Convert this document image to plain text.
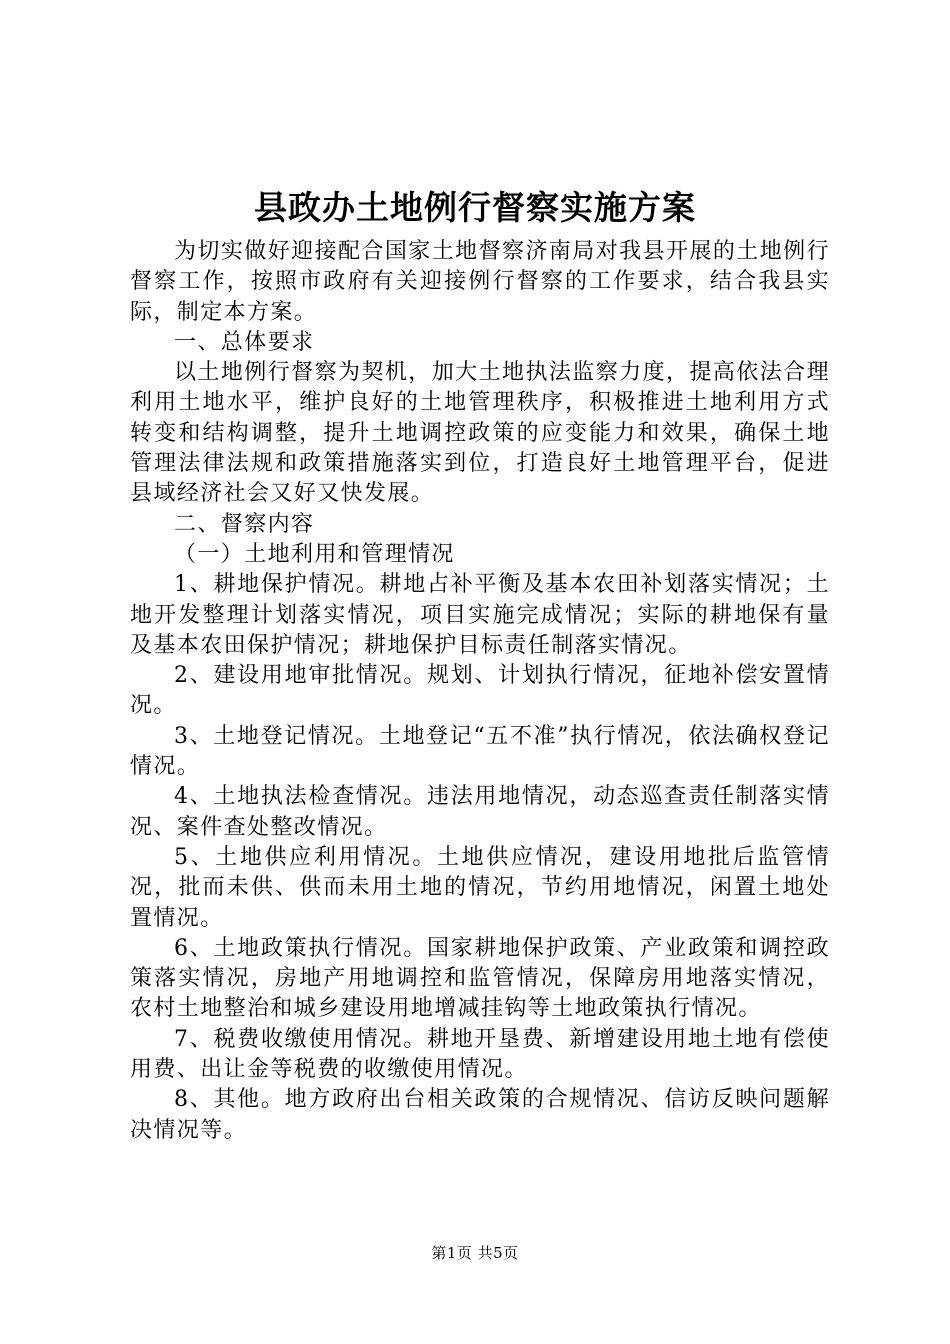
县政办土地例行督察实施方案

为切实做好迎接配合国家土地督察济南局对我县开展的土地例行督察工作，按照市政府有关迎接例行督察的工作要求，结合我县实际，制定本方案。

一、总体要求

以土地例行督察为契机，加大土地执法监察力度，提高依法合理利用土地水平，维护良好的土地管理秩序，积极推进土地利用方式转变和结构调整，提升土地调控政策的应变能力和效果，确保土地管理法律法规和政策措施落实到位，打造良好土地管理平台，促进县域经济社会又好又快发展。

二、督察内容

（一）土地利用和管理情况

1、耕地保护情况。耕地占补平衡及基本农田补划落实情况；土地开发整理计划落实情况，项目实施完成情况；实际的耕地保有量及基本农田保护情况；耕地保护目标责任制落实情况。

2、建设用地审批情况。规划、计划执行情况，征地补偿安置情况。

3、土地登记情况。土地登记“五不准”执行情况，依法确权登记情况。

4、土地执法检查情况。违法用地情况，动态巡查责任制落实情况、案件查处整改情况。

5、土地供应利用情况。土地供应情况，建设用地批后监管情况，批而未供、供而未用土地的情况，节约用地情况，闲置土地处置情况。

6、土地政策执行情况。国家耕地保护政策、产业政策和调控政策落实情况，房地产用地调控和监管情况，保障房用地落实情况，农村土地整治和城乡建设用地增减挂钩等土地政策执行情况。

7、税费收缴使用情况。耕地开垦费、新增建设用地土地有偿使用费、出让金等税费的收缴使用情况。

8、其他。地方政府出台相关政策的合规情况、信访反映问题解决情况等。

第1页 共5页
